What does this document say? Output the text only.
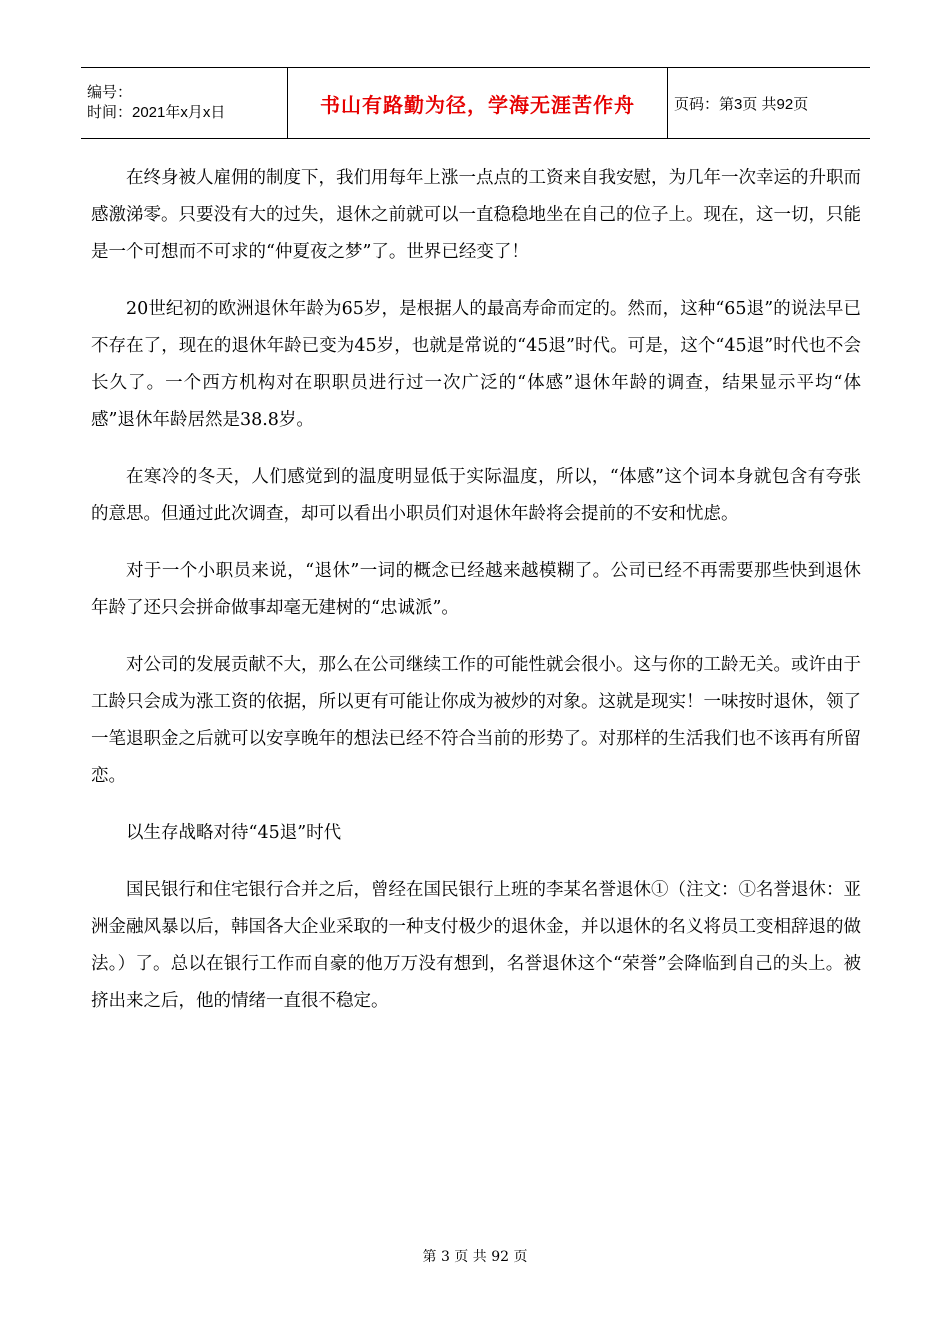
编号：
时间：2021年x月x日	书山有路勤为径，学海无涯苦作舟	页码：第3页 共92页

在终身被人雇佣的制度下，我们用每年上涨一点点的工资来自我安慰，为几年一次幸运的升职而感激涕零。只要没有大的过失，退休之前就可以一直稳稳地坐在自己的位子上。现在，这一切，只能是一个可想而不可求的“仲夏夜之梦”了。世界已经变了！

20世纪初的欧洲退休年龄为65岁，是根据人的最高寿命而定的。然而，这种“65退”的说法早已不存在了，现在的退休年龄已变为45岁，也就是常说的“45退”时代。可是，这个“45退”时代也不会长久了。一个西方机构对在职职员进行过一次广泛的“体感”退休年龄的调查，结果显示平均“体感”退休年龄居然是38.8岁。

在寒冷的冬天，人们感觉到的温度明显低于实际温度，所以，“体感”这个词本身就包含有夸张的意思。但通过此次调查，却可以看出小职员们对退休年龄将会提前的不安和忧虑。

对于一个小职员来说，“退休”一词的概念已经越来越模糊了。公司已经不再需要那些快到退休年龄了还只会拼命做事却毫无建树的“忠诚派”。

对公司的发展贡献不大，那么在公司继续工作的可能性就会很小。这与你的工龄无关。或许由于工龄只会成为涨工资的依据，所以更有可能让你成为被炒的对象。这就是现实！一味按时退休，领了一笔退职金之后就可以安享晚年的想法已经不符合当前的形势了。对那样的生活我们也不该再有所留恋。

以生存战略对待“45退”时代

国民银行和住宅银行合并之后，曾经在国民银行上班的李某名誉退休①（注文：①名誉退休：亚洲金融风暴以后，韩国各大企业采取的一种支付极少的退休金，并以退休的名义将员工变相辞退的做法。）了。总以在银行工作而自豪的他万万没有想到，名誉退休这个“荣誉”会降临到自己的头上。被挤出来之后，他的情绪一直很不稳定。

第 3 页 共 92 页
